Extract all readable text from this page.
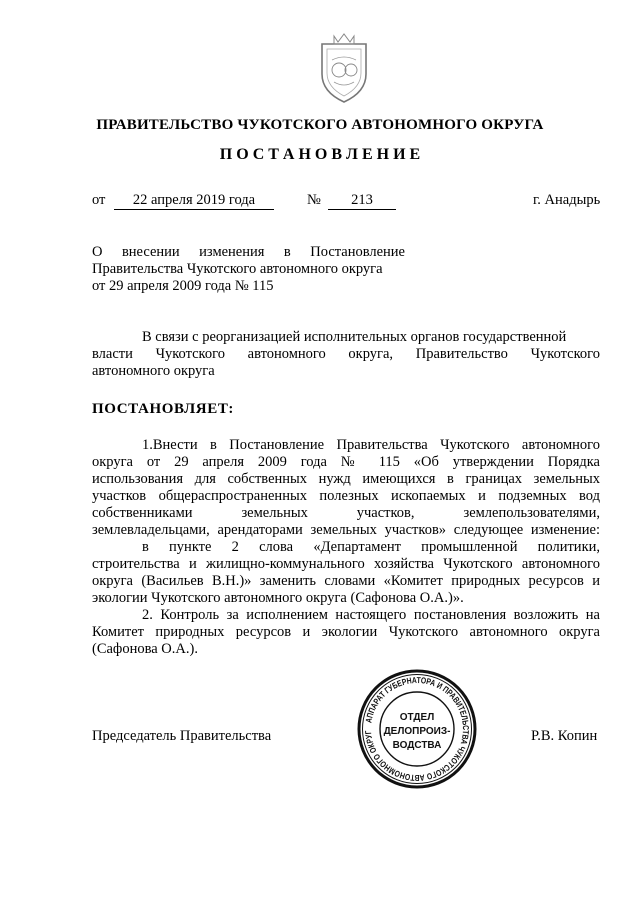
ПРАВИТЕЛЬСТВО ЧУКОТСКОГО АВТОНОМНОГО ОКРУГА
П О С Т А Н О В Л Е Н И Е
от	22 апреля 2019 года	№	213	г. Анадырь
О внесении изменения в Постановление
Правительства Чукотского автономного округа
от 29 апреля 2009 года № 115
В связи с реорганизацией исполнительных органов государственной
власти Чукотского автономного округа, Правительство Чукотского
автономного округа
ПОСТАНОВЛЯЕТ:
1.Внести в Постановление Правительства Чукотского автономного
округа от 29 апреля 2009 года № 115 «Об утверждении Порядка
использования для собственных нужд имеющихся в границах земельных
участков общераспространенных полезных ископаемых и подземных вод
собственниками земельных участков, землепользователями,
землевладельцами, арендаторами земельных участков» следующее изменение:
в пункте 2 слова «Департамент промышленной политики,
строительства и жилищно-коммунального хозяйства Чукотского автономного
округа (Васильев В.Н.)» заменить словами «Комитет природных ресурсов и
экологии Чукотского автономного округа (Сафонова О.А.)».
2. Контроль за исполнением настоящего постановления возложить на
Комитет природных ресурсов и экологии Чукотского автономного округа
(Сафонова О.А.).
Председатель Правительства	Р.В. Копин
АППАРАТ ГУБЕРНАТОРА И ПРАВИТЕЛЬСТВА ЧУКОТСКОГО АВТОНОМНОГО ОКРУГ
ОТДЕЛ
ДЕЛОПРОИЗ-
ВОДСТВА
